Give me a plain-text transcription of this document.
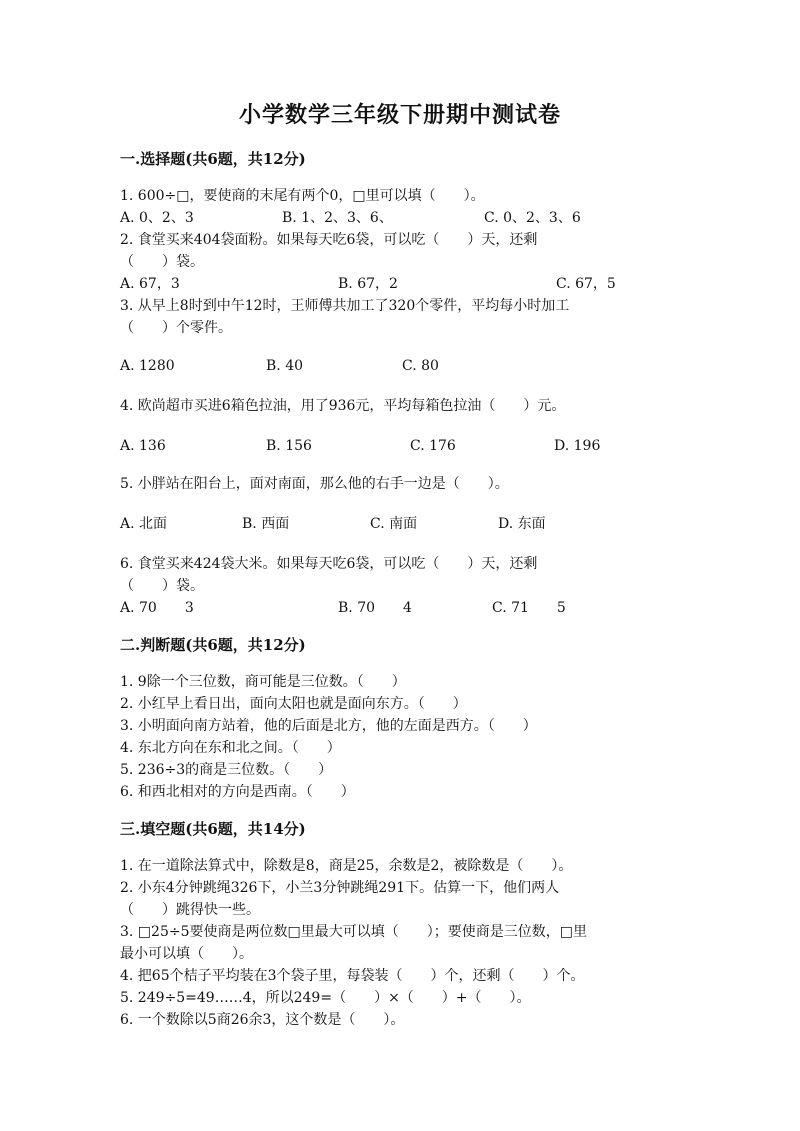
小学数学三年级下册期中测试卷
一.选择题(共6题，共12分)
1. 600÷□，要使商的末尾有两个0，□里可以填（　　）。
A. 0、2、3	B. 1、2、3、6、	C. 0、2、3、6
2. 食堂买来404袋面粉。如果每天吃6袋，可以吃（　　）天，还剩
（　　）袋。
A. 67，3	B. 67，2	C. 67，5
3. 从早上8时到中午12时，王师傅共加工了320个零件，平均每小时加工
（　　）个零件。
A. 1280	B. 40	C. 80
4. 欧尚超市买进6箱色拉油，用了936元，平均每箱色拉油（　　）元。
A. 136	B. 156	C. 176	D. 196
5. 小胖站在阳台上，面对南面，那么他的右手一边是（　　）。
A. 北面	B. 西面	C. 南面	D. 东面
6. 食堂买来424袋大米。如果每天吃6袋，可以吃（　　）天，还剩
（　　）袋。
A. 70　　3	B. 70　　4	C. 71　　5
二.判断题(共6题，共12分)
1. 9除一个三位数，商可能是三位数。（　　）
2. 小红早上看日出，面向太阳也就是面向东方。（　　）
3. 小明面向南方站着，他的后面是北方，他的左面是西方。（　　）
4. 东北方向在东和北之间。（　　）
5. 236÷3的商是三位数。（　　）
6. 和西北相对的方向是西南。（　　）
三.填空题(共6题，共14分)
1. 在一道除法算式中，除数是8，商是25，余数是2，被除数是（　　）。
2. 小东4分钟跳绳326下，小兰3分钟跳绳291下。估算一下，他们两人
（　　）跳得快一些。
3. □25÷5要使商是两位数□里最大可以填（　　）；要使商是三位数，□里
最小可以填（　　）。
4. 把65个桔子平均装在3个袋子里，每袋装（　　）个，还剩（　　）个。
5. 249÷5=49……4，所以249=（　　）×（　　）+（　　）。
6. 一个数除以5商26余3，这个数是（　　）。
